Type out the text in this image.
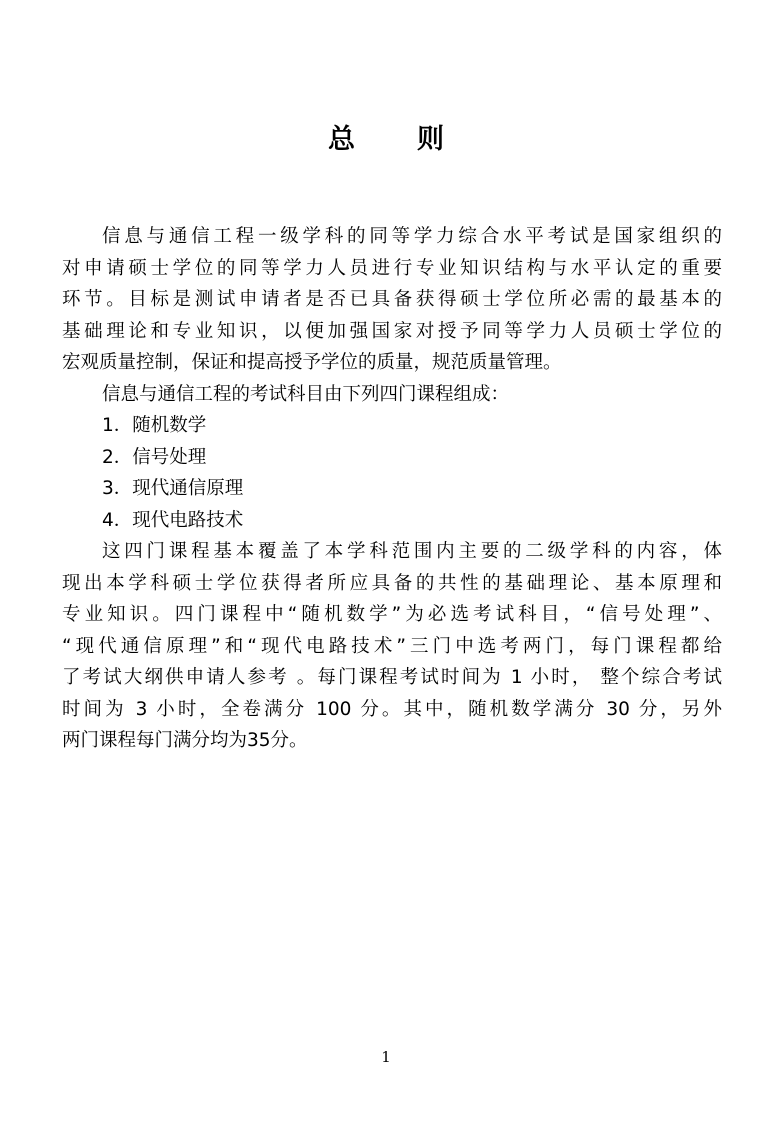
总则
信息与通信工程一级学科的同等学力综合水平考试是国家组织的
对申请硕士学位的同等学力人员进行专业知识结构与水平认定的重要
环节。目标是测试申请者是否已具备获得硕士学位所必需的最基本的
基础理论和专业知识，以便加强国家对授予同等学力人员硕士学位的
宏观质量控制，保证和提高授予学位的质量，规范质量管理。
信息与通信工程的考试科目由下列四门课程组成：
1．随机数学
2．信号处理
3．现代通信原理
4．现代电路技术
这四门课程基本覆盖了本学科范围内主要的二级学科的内容，体
现出本学科硕士学位获得者所应具备的共性的基础理论、基本原理和
专业知识。四门课程中“随机数学”为必选考试科目，“信号处理”、
“现代通信原理”和“现代电路技术”三门中选考两门，每门课程都给
了考试大纲供申请人参考 。每门课程考试时间为 1 小时， 整个综合考试
时间为 3 小时，全卷满分 100 分。其中，随机数学满分 30 分，另外
两门课程每门满分均为35分。
1
